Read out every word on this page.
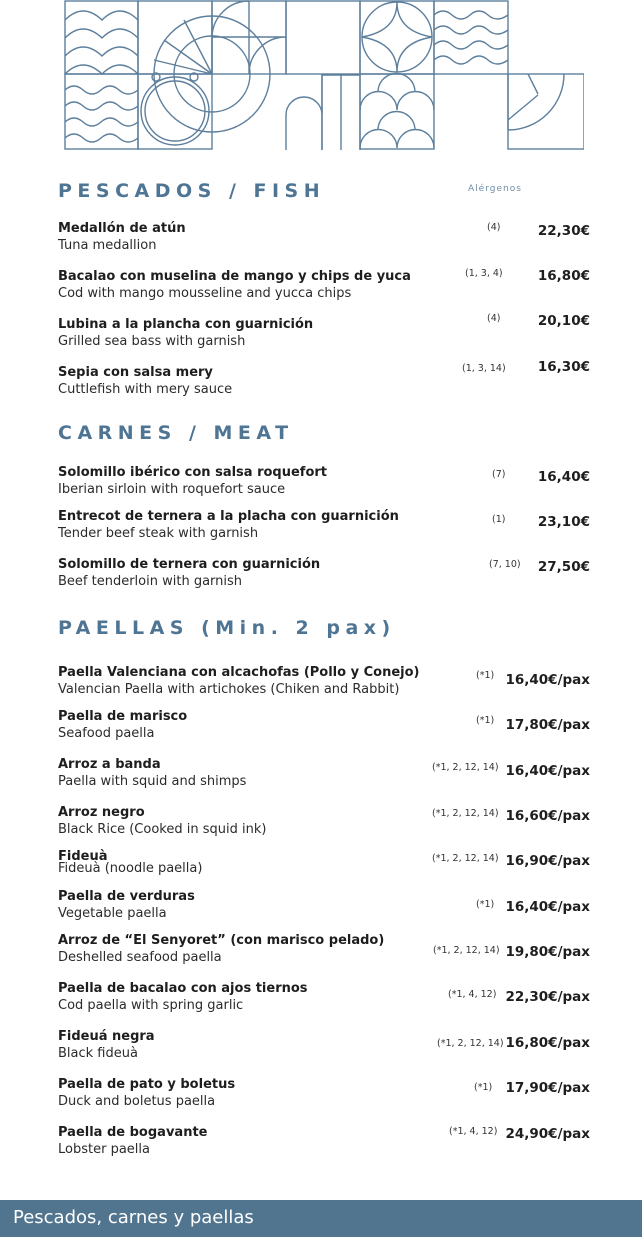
Alérgenos
PESCADOS / FISH
Medallón de atún
Tuna medallion
(4)	22,30€
Bacalao con muselina de mango y chips de yuca
Cod with mango mousseline and yucca chips
(1, 3, 4)	16,80€
Lubina a la plancha con guarnición
Grilled sea bass with garnish
(4)	20,10€
Sepia con salsa mery
Cuttlefish with mery sauce
(1, 3, 14) 16,30€
CARNES / MEAT
Solomillo ibérico con salsa roquefort
Iberian sirloin with roquefort sauce
(7) 16,40€
Entrecot de ternera a la placha con guarnición
Tender beef steak with garnish
(1) 23,10€
Solomillo de ternera con guarnición
Beef tenderloin with garnish
(7, 10) 27,50€
PAELLAS (Min. 2 pax)
Paella Valenciana con alcachofas (Pollo y Conejo)
Valencian Paella with artichokes (Chiken and Rabbit)
(*1) 16,40€/pax
Paella de marisco
Seafood paella
(*1) 17,80€/pax
Arroz a banda
Paella with squid and shimps
(*1, 2, 12, 14) 16,40€/pax
Arroz negro
Black Rice (Cooked in squid ink)
(*1, 2, 12, 14) 16,60€/pax
Fideuà
Fideuà (noodle paella)
(*1, 2, 12, 14) 16,90€/pax
Paella de verduras
Vegetable paella
(*1) 16,40€/pax
Arroz de “El Senyoret” (con marisco pelado)
Deshelled seafood paella	(*1, 2, 12, 14) 19,80€/pax
Paella de bacalao con ajos tiernos
Cod paella with spring garlic
(*1, 4, 12) 22,30€/pax
Fideuá negra
Black fideuà
(*1, 2, 12, 14) 16,80€/pax
Paella de pato y boletus
Duck and boletus paella
(*1) 17,90€/pax
Paella de bogavante
Lobster paella
(*1, 4, 12) 24,90€/pax
Pescados, carnes y paellas
